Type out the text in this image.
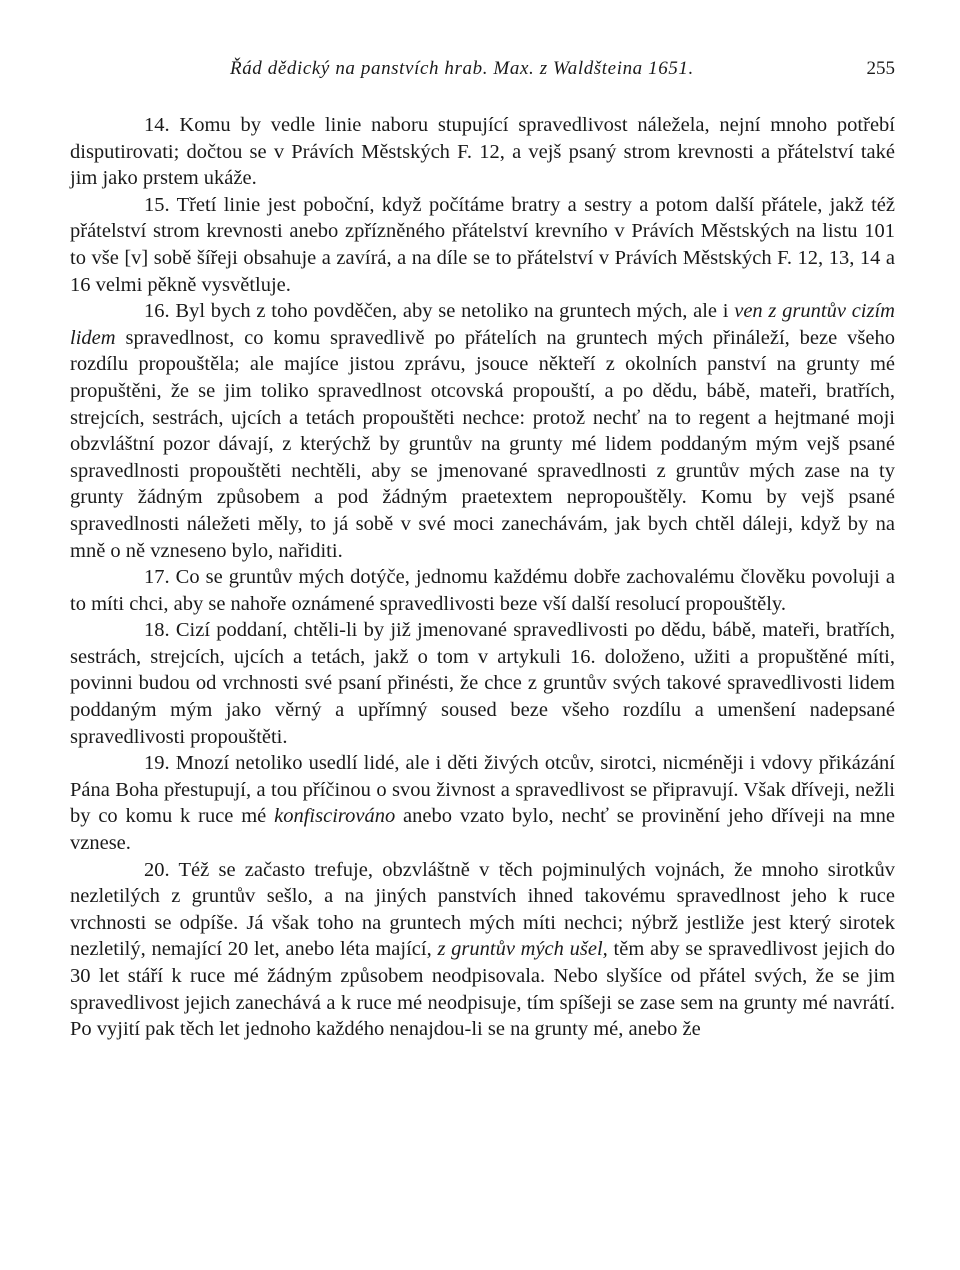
Řád dědický na panstvích hrab. Max. z Waldšteina 1651.	255

14. Komu by vedle linie naboru stupující spravedlivost náležela, nejní mnoho potřebí disputirovati; dočtou se v Právích Městských F. 12, a vejš psaný strom krevnosti a přátelství také jim jako prstem ukáže.

15. Třetí linie jest poboční, když počítáme bratry a sestry a potom další přátele, jakž též přátelství strom krevnosti anebo zpřízněného přátelství krevního v Právích Městských na listu 101 to vše [v] sobě šířeji obsahuje a zavírá, a na díle se to přátelství v Právích Městských F. 12, 13, 14 a 16 velmi pěkně vysvětluje.

16. Byl bych z toho povděčen, aby se netoliko na gruntech mých, ale i ven z gruntův cizím lidem spravedlnost, co komu spravedlivě po přátelích na gruntech mých přináleží, beze všeho rozdílu propouštěla; ale majíce jistou zprávu, jsouce někteří z okolních panství na grunty mé propuštěni, že se jim toliko spravedlnost otcovská propouští, a po dědu, bábě, mateři, bratřích, strejcích, sestrách, ujcích a tetách propouštěti nechce: protož nechť na to regent a hejtmané moji obzvláštní pozor dávají, z kterýchž by gruntův na grunty mé lidem poddaným mým vejš psané spravedlnosti propouštěti nechtěli, aby se jmenované spravedlnosti z gruntův mých zase na ty grunty žádným způsobem a pod žádným praetextem nepropouštěly. Komu by vejš psané spravedlnosti náležeti měly, to já sobě v své moci zanechávám, jak bych chtěl dáleji, když by na mně o ně vzneseno bylo, nařiditi.

17. Co se gruntův mých dotýče, jednomu každému dobře zachovalému člověku povoluji a to míti chci, aby se nahoře oznámené spravedlivosti beze vší další resolucí propouštěly.

18. Cizí poddaní, chtěli-li by již jmenované spravedlivosti po dědu, bábě, mateři, bratřích, sestrách, strejcích, ujcích a tetách, jakž o tom v artykuli 16. doloženo, užiti a propuštěné míti, povinni budou od vrchnosti své psaní přinésti, že chce z gruntův svých takové spravedlivosti lidem poddaným mým jako věrný a upřímný soused beze všeho rozdílu a umenšení nadepsané spravedlivosti propouštěti.

19. Mnozí netoliko usedlí lidé, ale i děti živých otcův, sirotci, nicméněji i vdovy přikázání Pána Boha přestupují, a tou příčinou o svou živnost a spravedlivost se připravují. Však dříveji, nežli by co komu k ruce mé konfiscirováno anebo vzato bylo, nechť se provinění jeho dříveji na mne vznese.

20. Též se začasto trefuje, obzvláštně v těch pojminulých vojnách, že mnoho sirotkův nezletilých z gruntův sešlo, a na jiných panstvích ihned takovému spravedlnost jeho k ruce vrchnosti se odpíše. Já však toho na gruntech mých míti nechci; nýbrž jestliže jest který sirotek nezletilý, nemající 20 let, anebo léta mající, z gruntův mých ušel, těm aby se spravedlivost jejich do 30 let stáří k ruce mé žádným způsobem neodpisovala. Nebo slyšíce od přátel svých, že se jim spravedlivost jejich zanechává a k ruce mé neodpisuje, tím spíšeji se zase sem na grunty mé navrátí. Po vyjití pak těch let jednoho každého nenajdou-li se na grunty mé, anebo že
